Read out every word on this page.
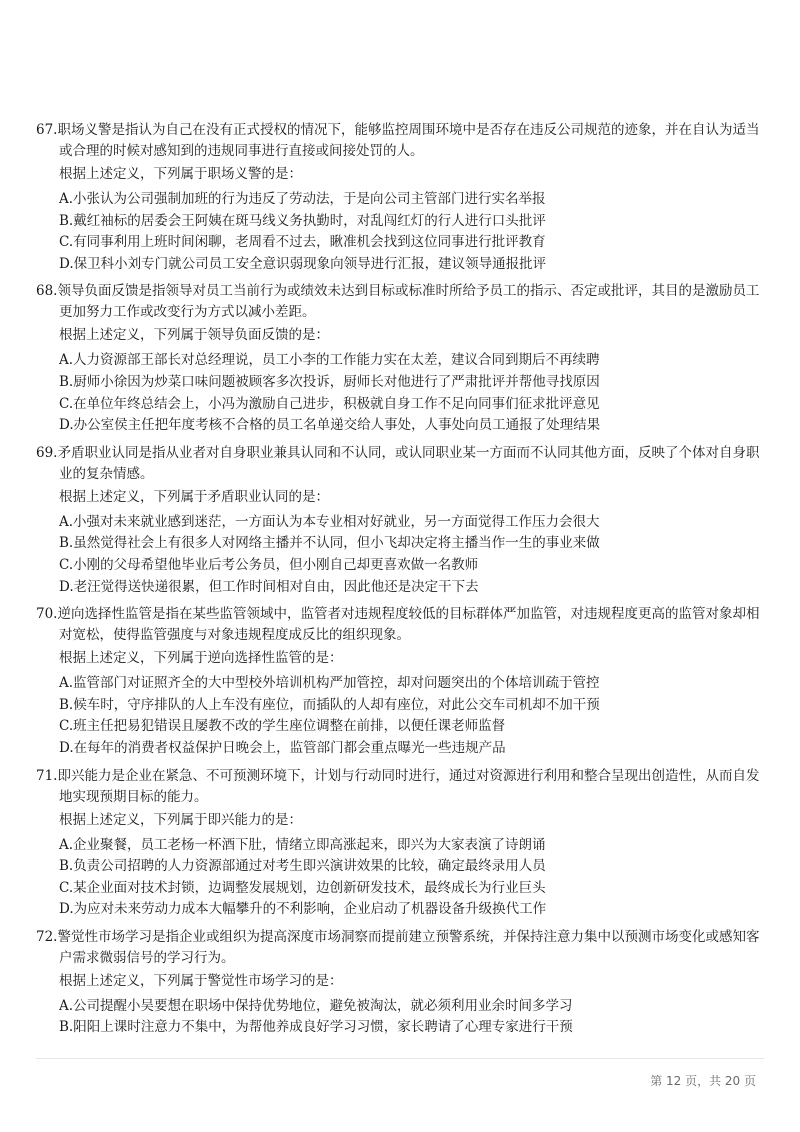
67.职场义警是指认为自己在没有正式授权的情况下，能够监控周围环境中是否存在违反公司规范的迹象，并在自认为适当或合理的时候对感知到的违规同事进行直接或间接处罚的人。

根据上述定义，下列属于职场义警的是：

A.小张认为公司强制加班的行为违反了劳动法，于是向公司主管部门进行实名举报

B.戴红袖标的居委会王阿姨在斑马线义务执勤时，对乱闯红灯的行人进行口头批评

C.有同事利用上班时间闲聊，老周看不过去，瞅准机会找到这位同事进行批评教育

D.保卫科小刘专门就公司员工安全意识弱现象向领导进行汇报，建议领导通报批评

68.领导负面反馈是指领导对员工当前行为或绩效未达到目标或标准时所给予员工的指示、否定或批评，其目的是激励员工更加努力工作或改变行为方式以减小差距。

根据上述定义，下列属于领导负面反馈的是：

A.人力资源部王部长对总经理说，员工小李的工作能力实在太差，建议合同到期后不再续聘

B.厨师小徐因为炒菜口味问题被顾客多次投诉，厨师长对他进行了严肃批评并帮他寻找原因

C.在单位年终总结会上，小冯为激励自己进步，积极就自身工作不足向同事们征求批评意见

D.办公室侯主任把年度考核不合格的员工名单递交给人事处，人事处向员工通报了处理结果

69.矛盾职业认同是指从业者对自身职业兼具认同和不认同，或认同职业某一方面而不认同其他方面，反映了个体对自身职业的复杂情感。

根据上述定义，下列属于矛盾职业认同的是：

A.小强对未来就业感到迷茫，一方面认为本专业相对好就业，另一方面觉得工作压力会很大

B.虽然觉得社会上有很多人对网络主播并不认同，但小飞却决定将主播当作一生的事业来做

C.小刚的父母希望他毕业后考公务员，但小刚自己却更喜欢做一名教师

D.老汪觉得送快递很累，但工作时间相对自由，因此他还是决定干下去

70.逆向选择性监管是指在某些监管领域中，监管者对违规程度较低的目标群体严加监管，对违规程度更高的监管对象却相对宽松，使得监管强度与对象违规程度成反比的组织现象。

根据上述定义，下列属于逆向选择性监管的是：

A.监管部门对证照齐全的大中型校外培训机构严加管控，却对问题突出的个体培训疏于管控

B.候车时，守序排队的人上车没有座位，而插队的人却有座位，对此公交车司机却不加干预

C.班主任把易犯错误且屡教不改的学生座位调整在前排，以便任课老师监督

D.在每年的消费者权益保护日晚会上，监管部门都会重点曝光一些违规产品

71.即兴能力是企业在紧急、不可预测环境下，计划与行动同时进行，通过对资源进行利用和整合呈现出创造性，从而自发地实现预期目标的能力。

根据上述定义，下列属于即兴能力的是：

A.企业聚餐，员工老杨一杯酒下肚，情绪立即高涨起来，即兴为大家表演了诗朗诵

B.负责公司招聘的人力资源部通过对考生即兴演讲效果的比较，确定最终录用人员

C.某企业面对技术封锁，边调整发展规划，边创新研发技术，最终成长为行业巨头

D.为应对未来劳动力成本大幅攀升的不利影响，企业启动了机器设备升级换代工作

72.警觉性市场学习是指企业或组织为提高深度市场洞察而提前建立预警系统，并保持注意力集中以预测市场变化或感知客户需求微弱信号的学习行为。

根据上述定义，下列属于警觉性市场学习的是：

A.公司提醒小吴要想在职场中保持优势地位，避免被淘汰，就必须利用业余时间多学习

B.阳阳上课时注意力不集中，为帮他养成良好学习习惯，家长聘请了心理专家进行干预

第 12 页，共 20 页
